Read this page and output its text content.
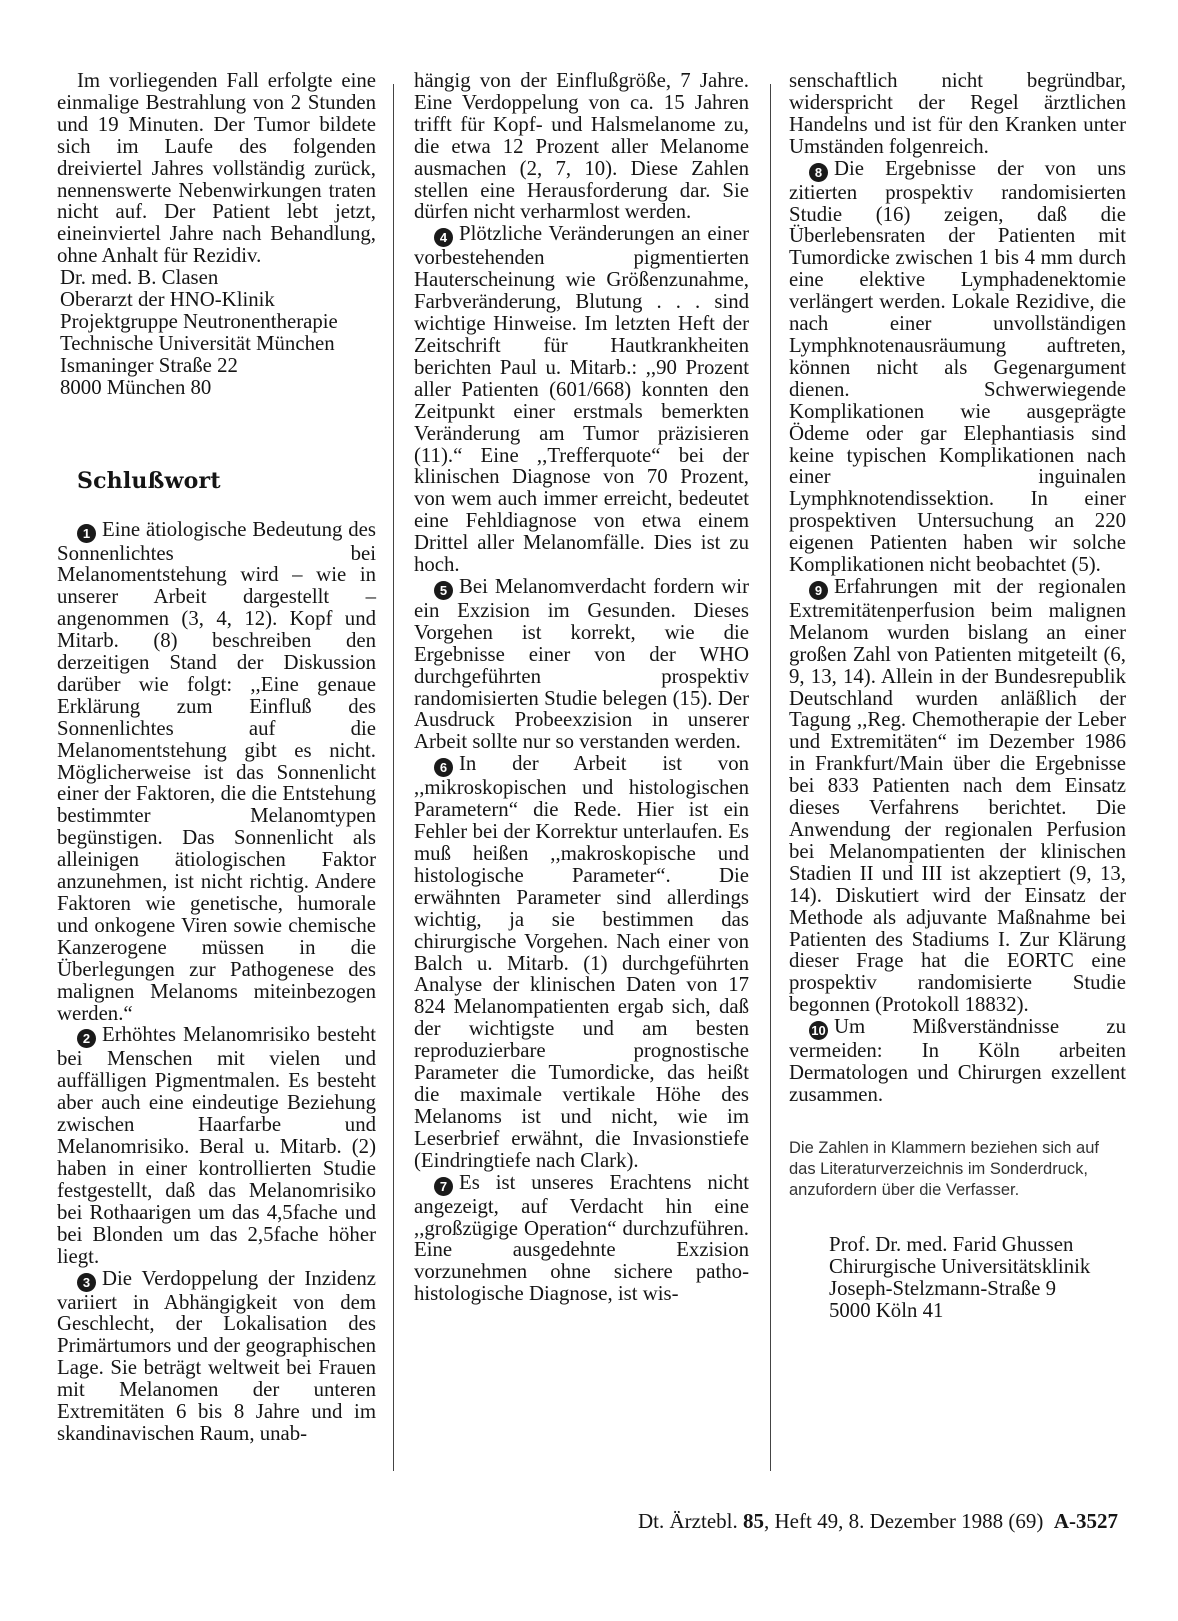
Im vorliegenden Fall erfolgte eine einmalige Bestrahlung von 2 Stunden und 19 Minuten. Der Tumor bildete sich im Laufe des folgenden dreiviertel Jahres vollständig zurück, nennenswerte Nebenwirkungen traten nicht auf. Der Patient lebt jetzt, eineinviertel Jahre nach Behandlung, ohne Anhalt für Rezidiv.

Dr. med. B. Clasen

Oberarzt der HNO-Klinik

Projektgruppe Neutronentherapie

Technische Universität München

Ismaninger Straße 22

8000 München 80

Schlußwort

1 Eine ätiologische Bedeutung des Sonnenlichtes bei Melanomentstehung wird – wie in unserer Arbeit dargestellt – angenommen (3, 4, 12). Kopf und Mitarb. (8) beschreiben den derzeitigen Stand der Diskussion darüber wie folgt: ,,Eine genaue Erklärung zum Einfluß des Sonnenlichtes auf die Melanomentstehung gibt es nicht. Möglicherweise ist das Sonnenlicht einer der Faktoren, die die Entstehung bestimmter Melanomtypen begünstigen. Das Sonnenlicht als alleinigen ätiologischen Faktor anzunehmen, ist nicht richtig. Andere Faktoren wie genetische, humorale und onkogene Viren sowie chemische Kanzerogene müssen in die Überlegungen zur Pathogenese des malignen Melanoms miteinbezogen werden.“

2 Erhöhtes Melanomrisiko besteht bei Menschen mit vielen und auffälligen Pigmentmalen. Es besteht aber auch eine eindeutige Beziehung zwischen Haarfarbe und Melanomrisiko. Beral u. Mitarb. (2) haben in einer kontrollierten Studie festgestellt, daß das Melanomrisiko bei Rothaarigen um das 4,5fache und bei Blonden um das 2,5fache höher liegt.

3 Die Verdoppelung der Inzidenz variiert in Abhängigkeit von dem Geschlecht, der Lokalisation des Primärtumors und der geographischen Lage. Sie beträgt weltweit bei Frauen mit Melanomen der unteren Extremitäten 6 bis 8 Jahre und im skandinavischen Raum, unab-

hängig von der Einflußgröße, 7 Jahre. Eine Verdoppelung von ca. 15 Jahren trifft für Kopf- und Halsmelanome zu, die etwa 12 Prozent aller Melanome ausmachen (2, 7, 10). Diese Zahlen stellen eine Herausforderung dar. Sie dürfen nicht verharmlost werden.

4 Plötzliche Veränderungen an einer vorbestehenden pigmentierten Hauterscheinung wie Größenzunahme, Farbveränderung, Blutung . . . sind wichtige Hinweise. Im letzten Heft der Zeitschrift für Hautkrankheiten berichten Paul u. Mitarb.: ,,90 Prozent aller Patienten (601/668) konnten den Zeitpunkt einer erstmals bemerkten Veränderung am Tumor präzisieren (11).“ Eine ,,Trefferquote“ bei der klinischen Diagnose von 70 Prozent, von wem auch immer erreicht, bedeutet eine Fehldiagnose von etwa einem Drittel aller Melanomfälle. Dies ist zu hoch.

5 Bei Melanomverdacht fordern wir ein Exzision im Gesunden. Dieses Vorgehen ist korrekt, wie die Ergebnisse einer von der WHO durchgeführten prospektiv randomisierten Studie belegen (15). Der Ausdruck Probeexzision in unserer Arbeit sollte nur so verstanden werden.

6 In der Arbeit ist von ,,mikroskopischen und histologischen Parametern“ die Rede. Hier ist ein Fehler bei der Korrektur unterlaufen. Es muß heißen ,,makroskopische und histologische Parameter“. Die erwähnten Parameter sind allerdings wichtig, ja sie bestimmen das chirurgische Vorgehen. Nach einer von Balch u. Mitarb. (1) durchgeführten Analyse der klinischen Daten von 17 824 Melanompatienten ergab sich, daß der wichtigste und am besten reproduzierbare prognostische Parameter die Tumordicke, das heißt die maximale vertikale Höhe des Melanoms ist und nicht, wie im Leserbrief erwähnt, die Invasionstiefe (Eindringtiefe nach Clark).

7 Es ist unseres Erachtens nicht angezeigt, auf Verdacht hin eine ,,großzügige Operation“ durchzuführen. Eine ausgedehnte Exzision vorzunehmen ohne sichere patho-histologische Diagnose, ist wis-

senschaftlich nicht begründbar, widerspricht der Regel ärztlichen Handelns und ist für den Kranken unter Umständen folgenreich.

8 Die Ergebnisse der von uns zitierten prospektiv randomisierten Studie (16) zeigen, daß die Überlebensraten der Patienten mit Tumordicke zwischen 1 bis 4 mm durch eine elektive Lymphadenektomie verlängert werden. Lokale Rezidive, die nach einer unvollständigen Lymphknotenausräumung auftreten, können nicht als Gegenargument dienen. Schwerwiegende Komplikationen wie ausgeprägte Ödeme oder gar Elephantiasis sind keine typischen Komplikationen nach einer inguinalen Lymphknotendissektion. In einer prospektiven Untersuchung an 220 eigenen Patienten haben wir solche Komplikationen nicht beobachtet (5).

9 Erfahrungen mit der regionalen Extremitätenperfusion beim malignen Melanom wurden bislang an einer großen Zahl von Patienten mitgeteilt (6, 9, 13, 14). Allein in der Bundesrepublik Deutschland wurden anläßlich der Tagung ,,Reg. Chemotherapie der Leber und Extremitäten“ im Dezember 1986 in Frankfurt/Main über die Ergebnisse bei 833 Patienten nach dem Einsatz dieses Verfahrens berichtet. Die Anwendung der regionalen Perfusion bei Melanompatienten der klinischen Stadien II und III ist akzeptiert (9, 13, 14). Diskutiert wird der Einsatz der Methode als adjuvante Maßnahme bei Patienten des Stadiums I. Zur Klärung dieser Frage hat die EORTC eine prospektiv randomisierte Studie begonnen (Protokoll 18832).

10 Um Mißverständnisse zu vermeiden: In Köln arbeiten Dermatologen und Chirurgen exzellent zusammen.

Die Zahlen in Klammern beziehen sich auf das Literaturverzeichnis im Sonderdruck, anzufordern über die Verfasser.

Prof. Dr. med. Farid Ghussen

Chirurgische Universitätsklinik

Joseph-Stelzmann-Straße 9

5000 Köln 41

Dt. Ärztebl. 85, Heft 49, 8. Dezember 1988 (69) A-3527
